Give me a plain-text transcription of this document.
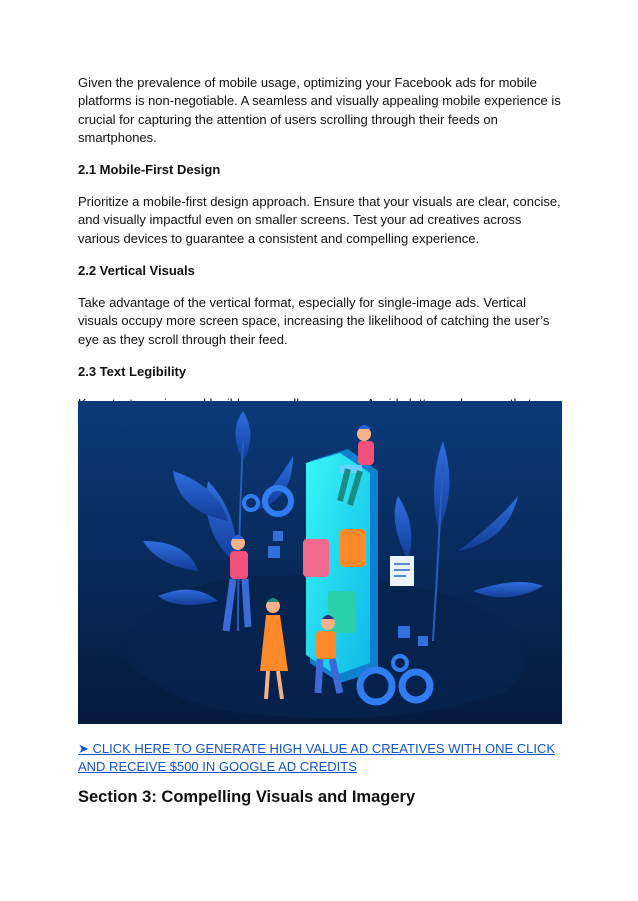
Given the prevalence of mobile usage, optimizing your Facebook ads for mobile platforms is non-negotiable. A seamless and visually appealing mobile experience is crucial for capturing the attention of users scrolling through their feeds on smartphones.

2.1 Mobile-First Design

Prioritize a mobile-first design approach. Ensure that your visuals are clear, concise, and visually impactful even on smaller screens. Test your ad creatives across various devices to guarantee a consistent and compelling experience.

2.2 Vertical Visuals

Take advantage of the vertical format, especially for single-image ads. Vertical visuals occupy more screen space, increasing the likelihood of catching the user’s eye as they scroll through their feed.

2.3 Text Legibility

➤ CLICK HERE TO GENERATE HIGH VALUE AD CREATIVES WITH ONE CLICK AND RECEIVE $500 IN GOOGLE AD CREDITS
Section 3: Compelling Visuals and Imagery
